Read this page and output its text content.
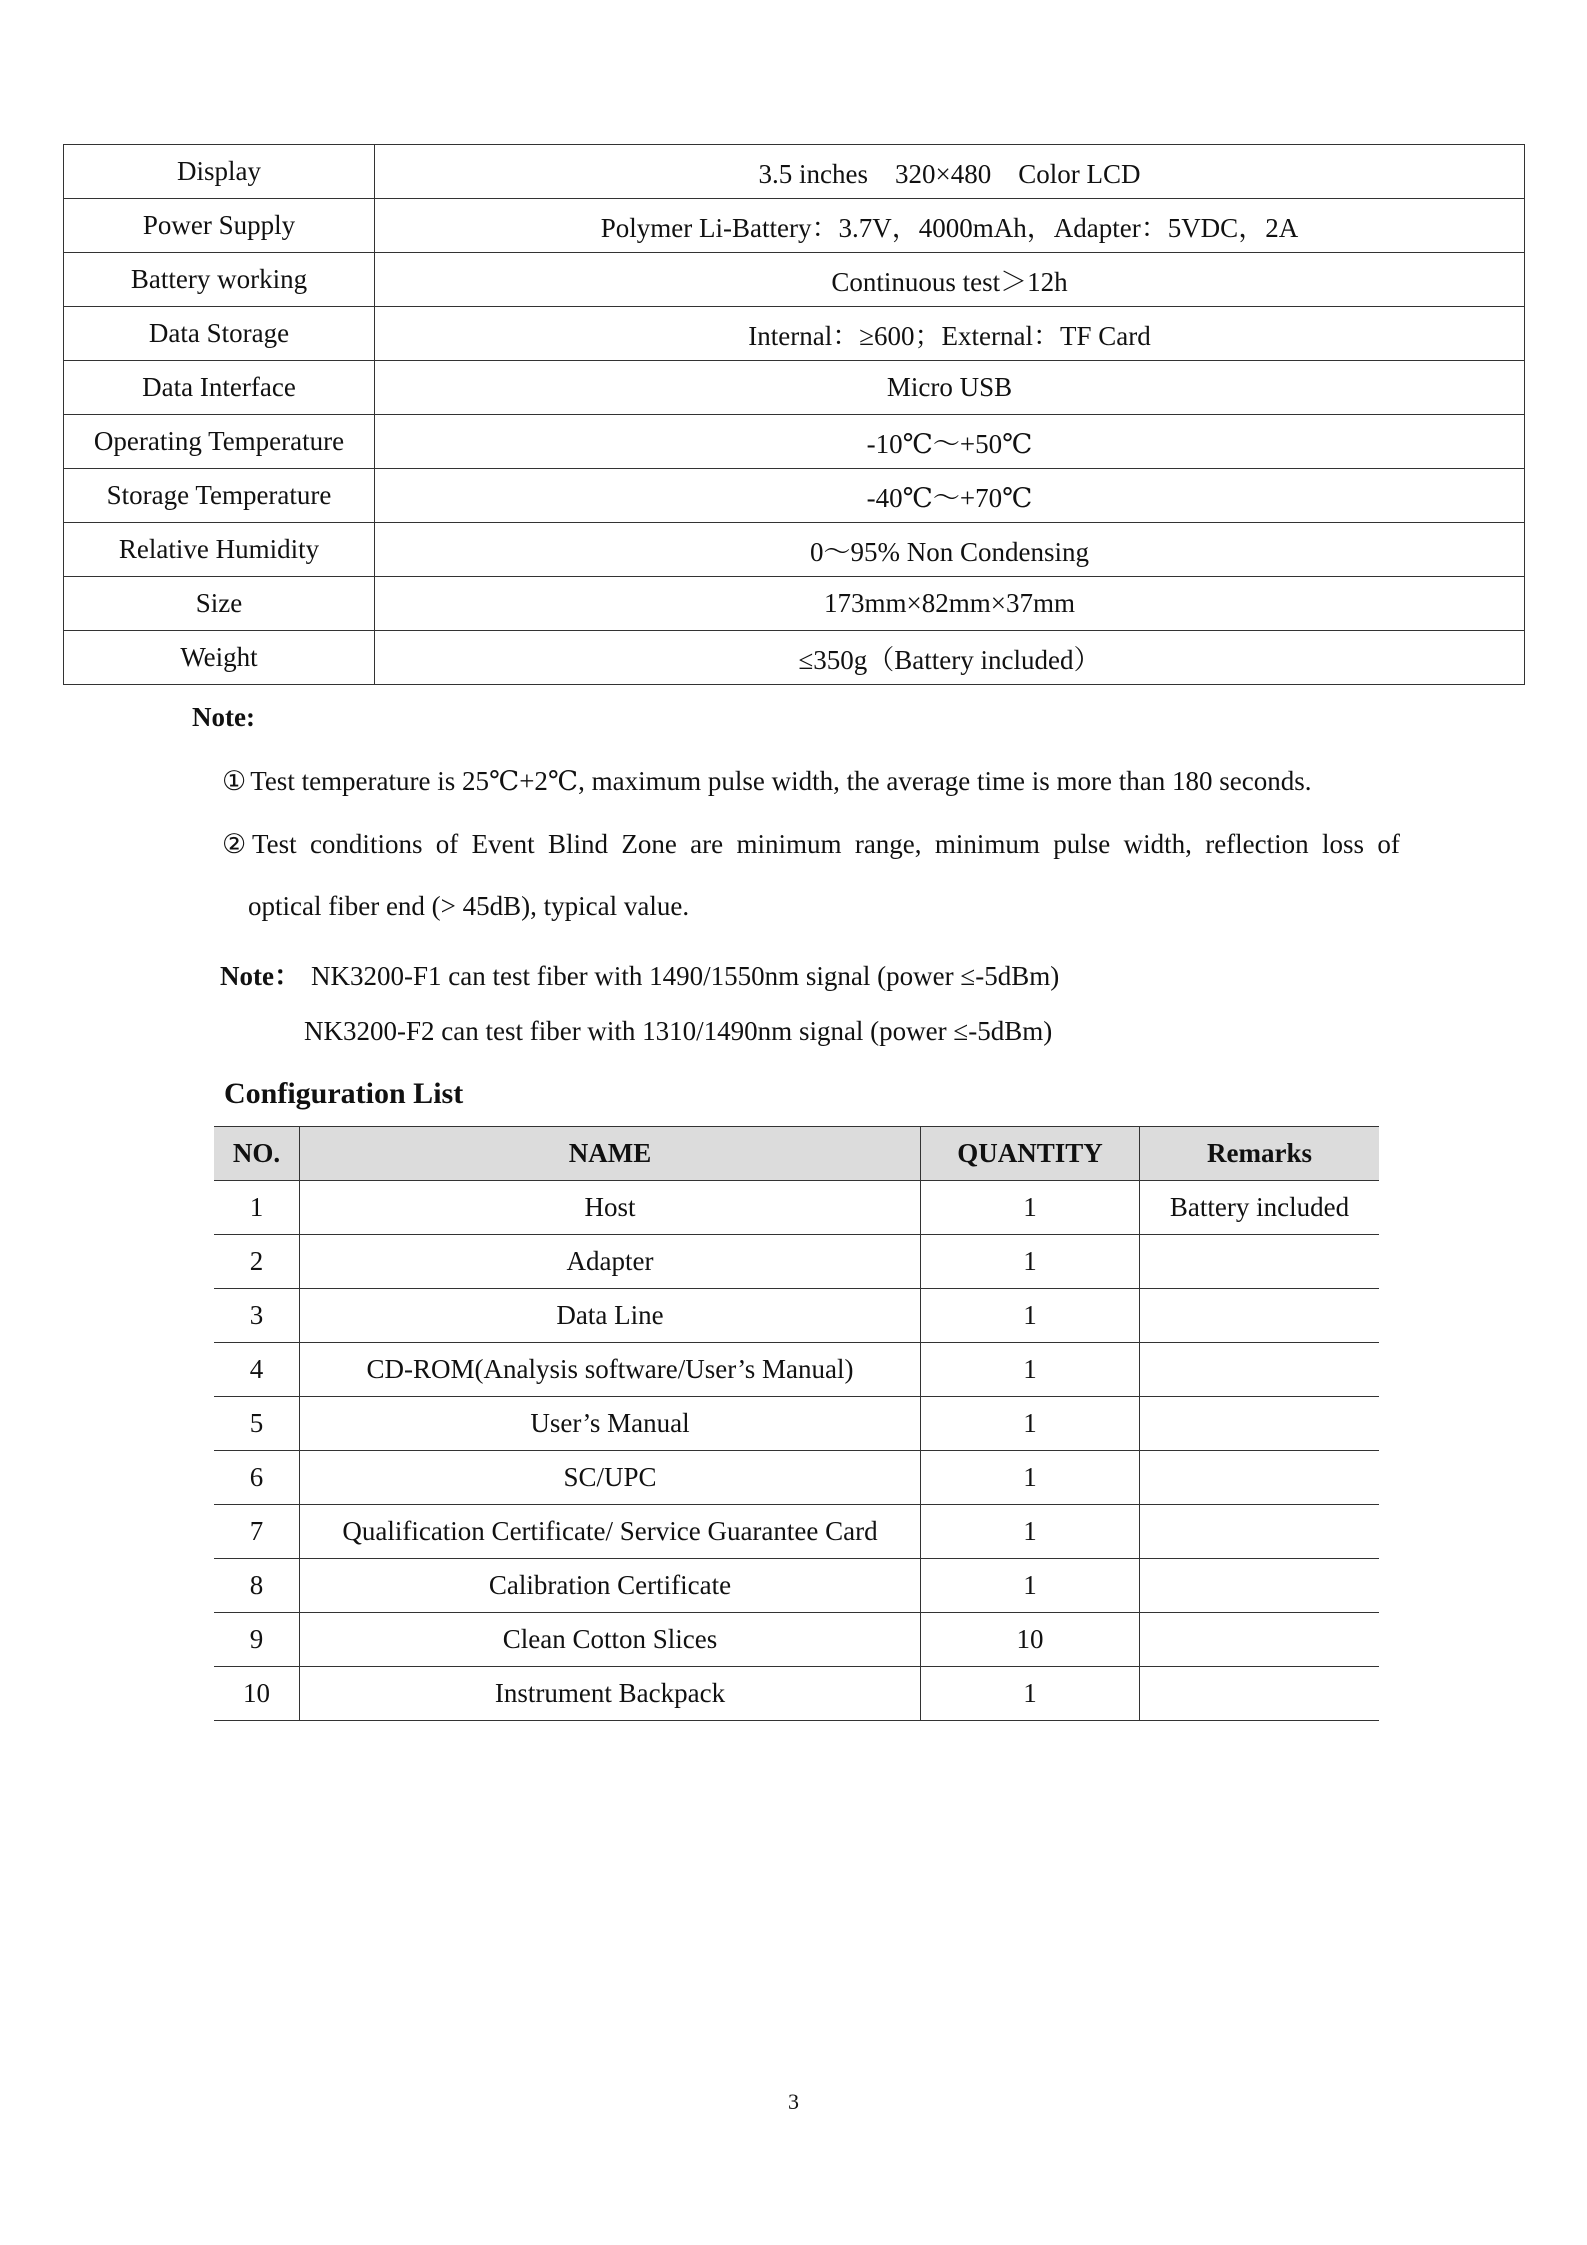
Display	3.5 inches　320×480　Color LCD
Power Supply	Polymer Li-Battery：3.7V，4000mAh，Adapter：5VDC，2A
Battery working	Continuous test＞12h
Data Storage	Internal：≥600；External：TF Card
Data Interface	Micro USB
Operating Temperature	-10℃～+50℃
Storage Temperature	-40℃～+70℃
Relative Humidity	0～95% Non Condensing
Size	173mm×82mm×37mm
Weight	≤350g（Battery included）

Note:

① Test temperature is 25℃+2℃, maximum pulse width, the average time is more than 180 seconds.

② Test conditions of Event Blind Zone are minimum range, minimum pulse width, reflection loss of

optical fiber end (> 45dB), typical value.

Note： NK3200-F1 can test fiber with 1490/1550nm signal (power ≤-5dBm)

NK3200-F2 can test fiber with 1310/1490nm signal (power ≤-5dBm)

Configuration List
NO.	NAME	QUANTITY	Remarks
1	Host	1	Battery included
2	Adapter	1	
3	Data Line	1	
4	CD-ROM(Analysis software/User’s Manual)	1	
5	User’s Manual	1	
6	SC/UPC	1	
7	Qualification Certificate/ Service Guarantee Card	1	
8	Calibration Certificate	1	
9	Clean Cotton Slices	10	
10	Instrument Backpack	1	

3
